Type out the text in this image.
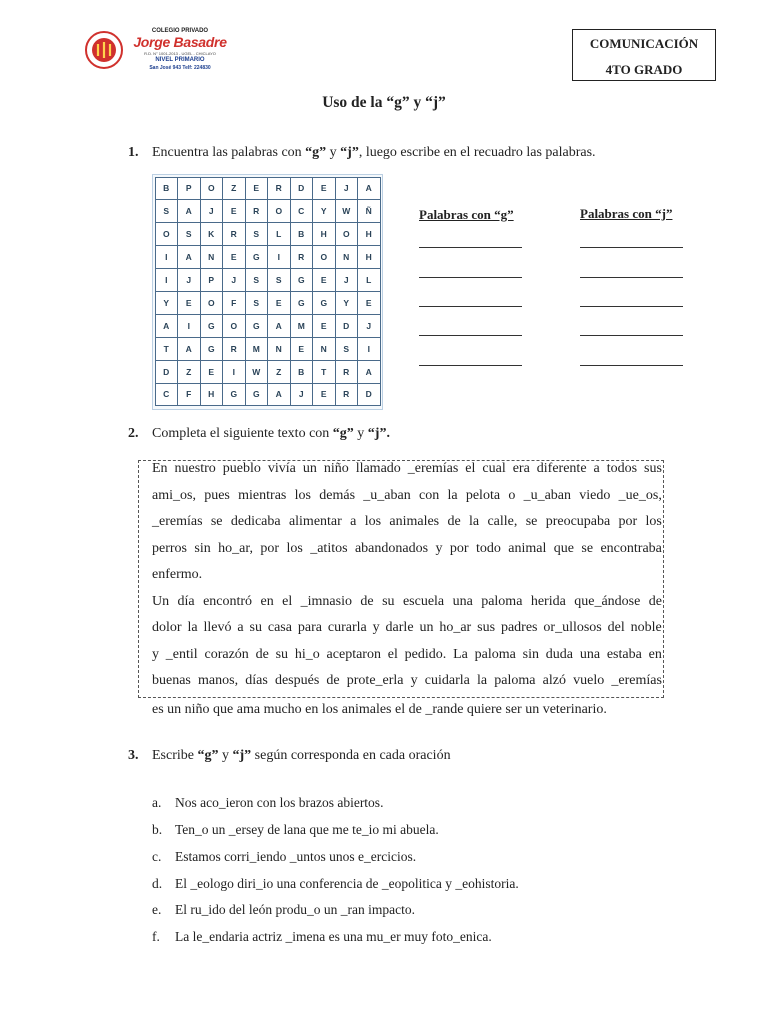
COLEGIO PRIVADO
Jorge Basadre
R.D. N° 1001-2013 - UGEL - CHICLAYO
NIVEL PRIMARIO
San José 943 Telf: 224830
COMUNICACIÓN
4TO GRADO
Uso de la “g” y “j”
1. Encuentra las palabras con “g” y “j”, luego escribe en el recuadro las palabras.
B	P	O	Z	E	R	D	E	J	A
S	A	J	E	R	O	C	Y	W	Ñ
O	S	K	R	S	L	B	H	O	H
I	A	N	E	G	I	R	O	N	H
I	J	P	J	S	S	G	E	J	L
Y	E	O	F	S	E	G	G	Y	E
A	I	G	O	G	A	M	E	D	J
T	A	G	R	M	N	E	N	S	I
D	Z	E	I	W	Z	B	T	R	A
C	F	H	G	G	A	J	E	R	D
Palabras con “g”	Palabras con “j”
2. Completa el siguiente texto con “g” y “j”.
En nuestro pueblo vivía un niño llamado _eremías el cual era diferente a todos sus
ami_os, pues mientras los demás _u_aban con la pelota o _u_aban viedo _ue_os,
_eremías se dedicaba alimentar a los animales de la calle, se preocupaba por los
perros sin ho_ar, por los _atitos abandonados y por todo animal que se encontraba
enfermo.
Un día encontró en el _imnasio de su escuela una paloma herida que_ándose de
dolor la llevó a su casa para curarla y darle un ho_ar sus padres or_ullosos del noble
y _entil corazón de su hi_o aceptaron el pedido. La paloma sin duda una estaba en
buenas manos, días después de prote_erla y cuidarla la paloma alzó vuelo _eremías
es un niño que ama mucho en los animales el de _rande quiere ser un veterinario.
3. Escribe “g” y “j” según corresponda en cada oración
a. Nos aco_ieron con los brazos abiertos.
b. Ten_o un _ersey de lana que me te_io mi abuela.
c. Estamos corri_iendo _untos unos e_ercicios.
d. El _eologo diri_io una conferencia de _eopolitica y _eohistoria.
e. El ru_ido del león produ_o un _ran impacto.
f. La le_endaria actriz _imena es una mu_er muy foto_enica.
